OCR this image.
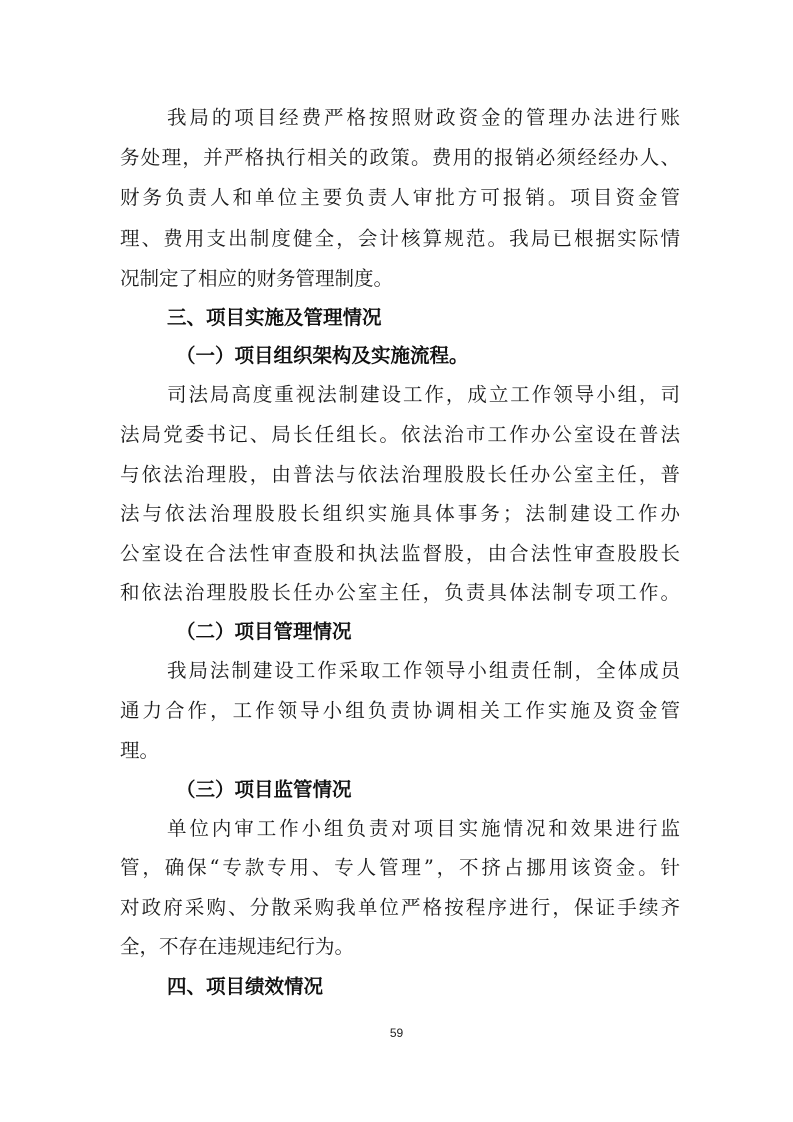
我局的项目经费严格按照财政资金的管理办法进行账
务处理，并严格执行相关的政策。费用的报销必须经经办人、
财务负责人和单位主要负责人审批方可报销。项目资金管
理、费用支出制度健全，会计核算规范。我局已根据实际情
况制定了相应的财务管理制度。
三、项目实施及管理情况
（一）项目组织架构及实施流程。
司法局高度重视法制建设工作，成立工作领导小组，司
法局党委书记、局长任组长。依法治市工作办公室设在普法
与依法治理股，由普法与依法治理股股长任办公室主任，普
法与依法治理股股长组织实施具体事务；法制建设工作办
公室设在合法性审查股和执法监督股，由合法性审查股股长
和依法治理股股长任办公室主任，负责具体法制专项工作。
（二）项目管理情况
我局法制建设工作采取工作领导小组责任制，全体成员
通力合作，工作领导小组负责协调相关工作实施及资金管
理。
（三）项目监管情况
单位内审工作小组负责对项目实施情况和效果进行监
管，确保“专款专用、专人管理”，不挤占挪用该资金。针
对政府采购、分散采购我单位严格按程序进行，保证手续齐
全，不存在违规违纪行为。
四、项目绩效情况
59
